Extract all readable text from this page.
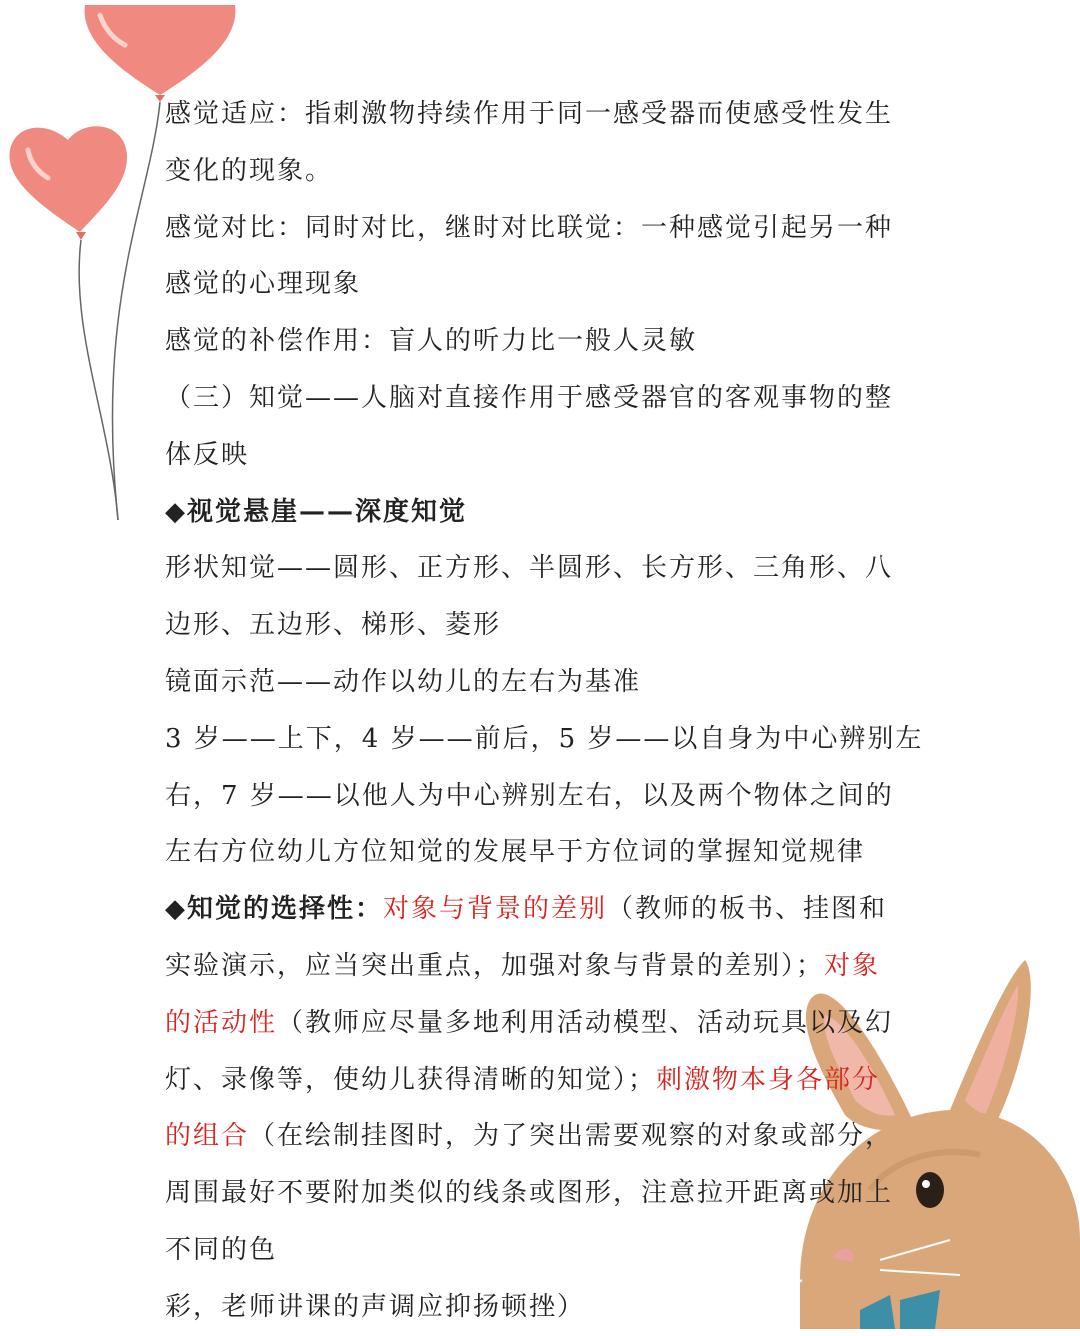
感觉适应：指刺激物持续作用于同一感受器而使感受性发生
变化的现象。
感觉对比：同时对比，继时对比联觉：一种感觉引起另一种
感觉的心理现象
感觉的补偿作用：盲人的听力比一般人灵敏
（三）知觉——人脑对直接作用于感受器官的客观事物的整
体反映
◆视觉悬崖——深度知觉
形状知觉——圆形、正方形、半圆形、长方形、三角形、八
边形、五边形、梯形、菱形
镜面示范——动作以幼儿的左右为基准
3 岁——上下，4 岁——前后，5 岁——以自身为中心辨别左
右，7 岁——以他人为中心辨别左右，以及两个物体之间的
左右方位幼儿方位知觉的发展早于方位词的掌握知觉规律
◆知觉的选择性：对象与背景的差别（教师的板书、挂图和
实验演示，应当突出重点，加强对象与背景的差别）；对象
的活动性（教师应尽量多地利用活动模型、活动玩具以及幻
灯、录像等，使幼儿获得清晰的知觉）；刺激物本身各部分
的组合（在绘制挂图时，为了突出需要观察的对象或部分，
周围最好不要附加类似的线条或图形，注意拉开距离或加上
不同的色
彩，老师讲课的声调应抑扬顿挫）
